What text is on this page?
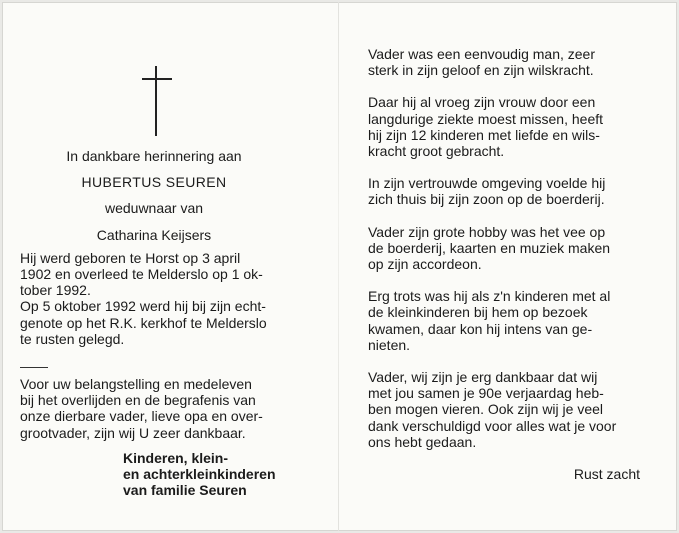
In dankbare herinnering aan
HUBERTUS SEUREN
weduwnaar van
Catharina Keijsers
Hij werd geboren te Horst op 3 april
1902 en overleed te Melderslo op 1 ok-
tober 1992.
Op 5 oktober 1992 werd hij bij zijn echt-
genote op het R.K. kerkhof te Melderslo
te rusten gelegd.
Voor uw belangstelling en medeleven
bij het overlijden en de begrafenis van
onze dierbare vader, lieve opa en over-
grootvader, zijn wij U zeer dankbaar.
Kinderen, klein-
en achterkleinkinderen
van familie Seuren
Vader was een eenvoudig man, zeer
sterk in zijn geloof en zijn wilskracht.
Daar hij al vroeg zijn vrouw door een
langdurige ziekte moest missen, heeft
hij zijn 12 kinderen met liefde en wils-
kracht groot gebracht.
In zijn vertrouwde omgeving voelde hij
zich thuis bij zijn zoon op de boerderij.
Vader zijn grote hobby was het vee op
de boerderij, kaarten en muziek maken
op zijn accordeon.
Erg trots was hij als z'n kinderen met al
de kleinkinderen bij hem op bezoek
kwamen, daar kon hij intens van ge-
nieten.
Vader, wij zijn je erg dankbaar dat wij
met jou samen je 90e verjaardag heb-
ben mogen vieren. Ook zijn wij je veel
dank verschuldigd voor alles wat je voor
ons hebt gedaan.
Rust zacht
